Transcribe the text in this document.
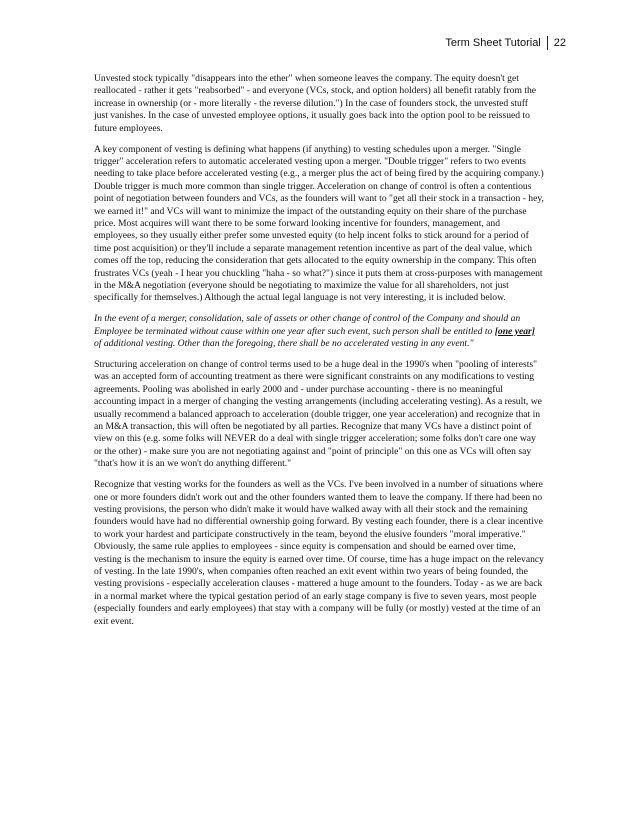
Term Sheet Tutorial 22

Unvested stock typically "disappears into the ether" when someone leaves the company. The equity doesn't get reallocated - rather it gets "reabsorbed" - and everyone (VCs, stock, and option holders) all benefit ratably from the increase in ownership (or - more literally - the reverse dilution.") In the case of founders stock, the unvested stuff just vanishes. In the case of unvested employee options, it usually goes back into the option pool to be reissued to future employees.

A key component of vesting is defining what happens (if anything) to vesting schedules upon a merger. "Single trigger" acceleration refers to automatic accelerated vesting upon a merger. "Double trigger" refers to two events needing to take place before accelerated vesting (e.g., a merger plus the act of being fired by the acquiring company.) Double trigger is much more common than single trigger. Acceleration on change of control is often a contentious point of negotiation between founders and VCs, as the founders will want to "get all their stock in a transaction - hey, we earned it!" and VCs will want to minimize the impact of the outstanding equity on their share of the purchase price. Most acquires will want there to be some forward looking incentive for founders, management, and employees, so they usually either prefer some unvested equity (to help incent folks to stick around for a period of time post acquisition) or they'll include a separate management retention incentive as part of the deal value, which comes off the top, reducing the consideration that gets allocated to the equity ownership in the company. This often frustrates VCs (yeah - I hear you chuckling "haha - so what?") since it puts them at cross-purposes with management in the M&A negotiation (everyone should be negotiating to maximize the value for all shareholders, not just specifically for themselves.) Although the actual legal language is not very interesting, it is included below.

In the event of a merger, consolidation, sale of assets or other change of control of the Company and should an Employee be terminated without cause within one year after such event, such person shall be entitled to [one year] of additional vesting. Other than the foregoing, there shall be no accelerated vesting in any event."

Structuring acceleration on change of control terms used to be a huge deal in the 1990's when "pooling of interests" was an accepted form of accounting treatment as there were significant constraints on any modifications to vesting agreements. Pooling was abolished in early 2000 and - under purchase accounting - there is no meaningful accounting impact in a merger of changing the vesting arrangements (including accelerating vesting). As a result, we usually recommend a balanced approach to acceleration (double trigger, one year acceleration) and recognize that in an M&A transaction, this will often be negotiated by all parties. Recognize that many VCs have a distinct point of view on this (e.g. some folks will NEVER do a deal with single trigger acceleration; some folks don't care one way or the other) - make sure you are not negotiating against and "point of principle" on this one as VCs will often say "that's how it is an we won't do anything different."

Recognize that vesting works for the founders as well as the VCs. I've been involved in a number of situations where one or more founders didn't work out and the other founders wanted them to leave the company. If there had been no vesting provisions, the person who didn't make it would have walked away with all their stock and the remaining founders would have had no differential ownership going forward. By vesting each founder, there is a clear incentive to work your hardest and participate constructively in the team, beyond the elusive founders "moral imperative." Obviously, the same rule applies to employees - since equity is compensation and should be earned over time, vesting is the mechanism to insure the equity is earned over time. Of course, time has a huge impact on the relevancy of vesting. In the late 1990's, when companies often reached an exit event within two years of being founded, the vesting provisions - especially acceleration clauses - mattered a huge amount to the founders. Today - as we are back in a normal market where the typical gestation period of an early stage company is five to seven years, most people (especially founders and early employees) that stay with a company will be fully (or mostly) vested at the time of an exit event.
